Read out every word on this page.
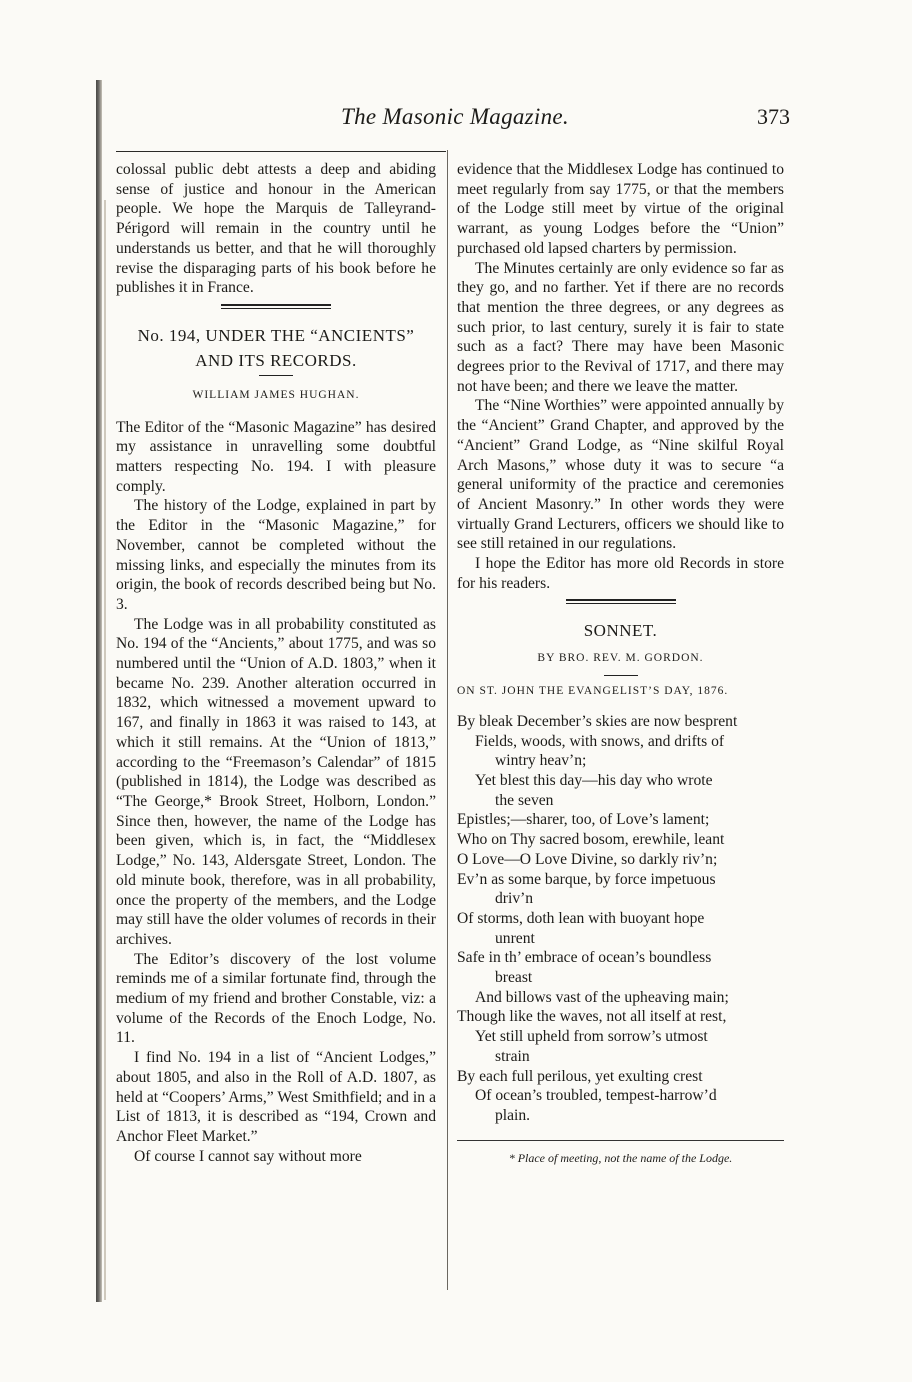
The Masonic Magazine.	373

colossal public debt attests a deep and abiding sense of justice and honour in the American people. We hope the Marquis de Talleyrand-Périgord will remain in the country until he understands us better, and that he will thoroughly revise the disparaging parts of his book before he publishes it in France.

No. 194, UNDER THE “ANCIENTS”
AND ITS RECORDS.
WILLIAM JAMES HUGHAN.

The Editor of the “Masonic Magazine” has desired my assistance in unravelling some doubtful matters respecting No. 194. I with pleasure comply.

The history of the Lodge, explained in part by the Editor in the “Masonic Magazine,” for November, cannot be completed without the missing links, and especially the minutes from its origin, the book of records described being but No. 3.

The Lodge was in all probability constituted as No. 194 of the “Ancients,” about 1775, and was so numbered until the “Union of A.D. 1803,” when it became No. 239. Another alteration occurred in 1832, which witnessed a movement upward to 167, and finally in 1863 it was raised to 143, at which it still remains. At the “Union of 1813,” according to the “Freemason’s Calendar” of 1815 (published in 1814), the Lodge was described as “The George,* Brook Street, Holborn, London.” Since then, however, the name of the Lodge has been given, which is, in fact, the “Middlesex Lodge,” No. 143, Aldersgate Street, London. The old minute book, therefore, was in all probability, once the property of the members, and the Lodge may still have the older volumes of records in their archives.

The Editor’s discovery of the lost volume reminds me of a similar fortunate find, through the medium of my friend and brother Constable, viz: a volume of the Records of the Enoch Lodge, No. 11.

I find No. 194 in a list of “Ancient Lodges,” about 1805, and also in the Roll of A.D. 1807, as held at “Coopers’ Arms,” West Smithfield; and in a List of 1813, it is described as “194, Crown and Anchor Fleet Market.”

Of course I cannot say without more

evidence that the Middlesex Lodge has continued to meet regularly from say 1775, or that the members of the Lodge still meet by virtue of the original warrant, as young Lodges before the “Union” purchased old lapsed charters by permission.

The Minutes certainly are only evidence so far as they go, and no farther. Yet if there are no records that mention the three degrees, or any degrees as such prior, to last century, surely it is fair to state such as a fact? There may have been Masonic degrees prior to the Revival of 1717, and there may not have been; and there we leave the matter.

The “Nine Worthies” were appointed annually by the “Ancient” Grand Chapter, and approved by the “Ancient” Grand Lodge, as “Nine skilful Royal Arch Masons,” whose duty it was to secure “a general uniformity of the practice and ceremonies of Ancient Masonry.” In other words they were virtually Grand Lecturers, officers we should like to see still retained in our regulations.

I hope the Editor has more old Records in store for his readers.

SONNET.
BY BRO. REV. M. GORDON.
ON ST. JOHN THE EVANGELIST’S DAY, 1876.
By bleak December’s skies are now besprent
Fields, woods, with snows, and drifts of
wintry heav’n;
Yet blest this day—his day who wrote
the seven
Epistles;—sharer, too, of Love’s lament;
Who on Thy sacred bosom, erewhile, leant
O Love—O Love Divine, so darkly riv’n;
Ev’n as some barque, by force impetuous
driv’n
Of storms, doth lean with buoyant hope
unrent
Safe in th’ embrace of ocean’s boundless
breast
And billows vast of the upheaving main;
Though like the waves, not all itself at rest,
Yet still upheld from sorrow’s utmost
strain
By each full perilous, yet exulting crest
Of ocean’s troubled, tempest-harrow’d
plain.
* Place of meeting, not the name of the Lodge.
